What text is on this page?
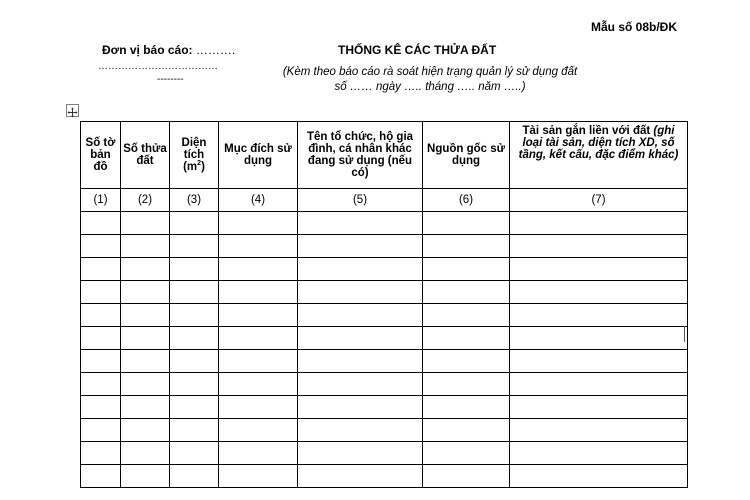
Mẫu số 08b/ĐK
Đơn vị báo cáo: ……….
………………………………
--------
THỐNG KÊ CÁC THỬA ĐẤT
(Kèm theo báo cáo rà soát hiện trạng quản lý sử dụng đất số …… ngày ….. tháng ….. năm …..)
Số tờ bản đồ	Số thửa đất	Diện tích $(m^2)$	Mục đích sử dụng	Tên tổ chức, hộ gia đình, cá nhân khác đang sử dụng (nếu có)	Nguồn gốc sử dụng	Tài sản gắn liền với đất (ghi loại tài sản, diện tích XD, số tầng, kết cấu, đặc điểm khác)
(1)	(2)	(3)	(4)	(5)	(6)	(7)
